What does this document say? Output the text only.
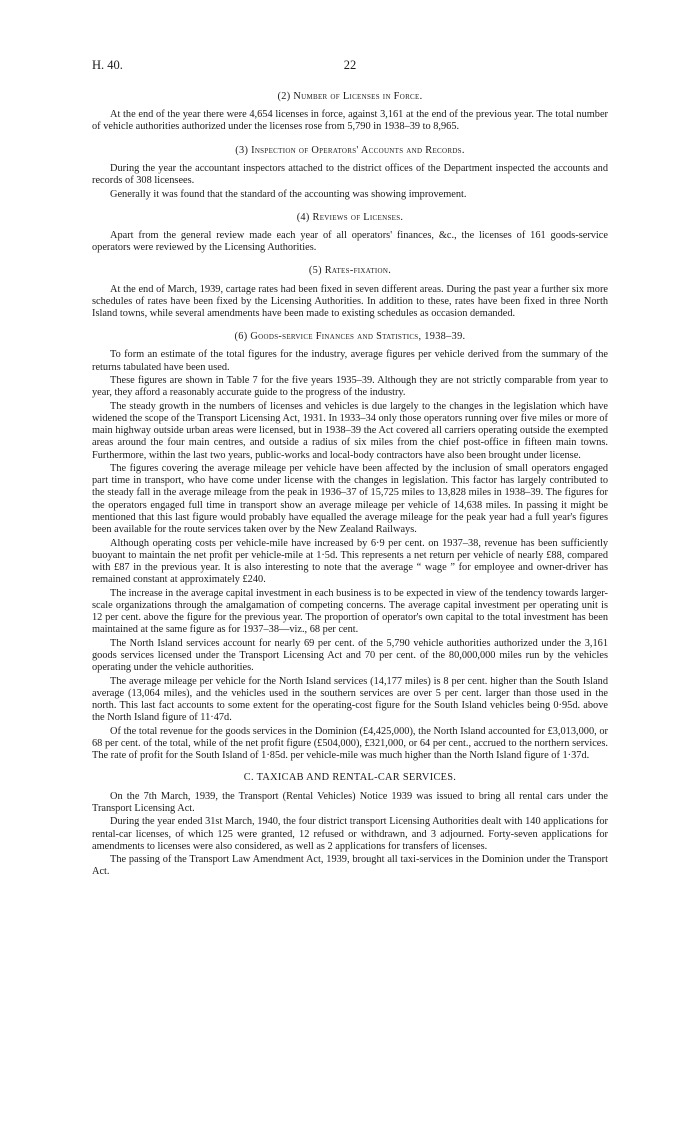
H. 40.	22
(2) Number of Licenses in Force.

At the end of the year there were 4,654 licenses in force, against 3,161 at the end of the previous year. The total number of vehicle authorities authorized under the licenses rose from 5,790 in 1938–39 to 8,965.

(3) Inspection of Operators' Accounts and Records.

During the year the accountant inspectors attached to the district offices of the Department inspected the accounts and records of 308 licensees.

Generally it was found that the standard of the accounting was showing improvement.

(4) Reviews of Licenses.

Apart from the general review made each year of all operators' finances, &c., the licenses of 161 goods-service operators were reviewed by the Licensing Authorities.

(5) Rates-fixation.

At the end of March, 1939, cartage rates had been fixed in seven different areas. During the past year a further six more schedules of rates have been fixed by the Licensing Authorities. In addition to these, rates have been fixed in three North Island towns, while several amendments have been made to existing schedules as occasion demanded.

(6) Goods-service Finances and Statistics, 1938–39.

To form an estimate of the total figures for the industry, average figures per vehicle derived from the summary of the returns tabulated have been used.

These figures are shown in Table 7 for the five years 1935–39. Although they are not strictly comparable from year to year, they afford a reasonably accurate guide to the progress of the industry.

The steady growth in the numbers of licenses and vehicles is due largely to the changes in the legislation which have widened the scope of the Transport Licensing Act, 1931. In 1933–34 only those operators running over five miles or more of main highway outside urban areas were licensed, but in 1938–39 the Act covered all carriers operating outside the exempted areas around the four main centres, and outside a radius of six miles from the chief post-office in fifteen main towns. Furthermore, within the last two years, public-works and local-body contractors have also been brought under license.

The figures covering the average mileage per vehicle have been affected by the inclusion of small operators engaged part time in transport, who have come under license with the changes in legislation. This factor has largely contributed to the steady fall in the average mileage from the peak in 1936–37 of 15,725 miles to 13,828 miles in 1938–39. The figures for the operators engaged full time in transport show an average mileage per vehicle of 14,638 miles. In passing it might be mentioned that this last figure would probably have equalled the average mileage for the peak year had a full year's figures been available for the route services taken over by the New Zealand Railways.

Although operating costs per vehicle-mile have increased by 6·9 per cent. on 1937–38, revenue has been sufficiently buoyant to maintain the net profit per vehicle-mile at 1·5d. This represents a net return per vehicle of nearly £88, compared with £87 in the previous year. It is also interesting to note that the average “ wage ” for employee and owner-driver has remained constant at approximately £240.

The increase in the average capital investment in each business is to be expected in view of the tendency towards larger-scale organizations through the amalgamation of competing concerns. The average capital investment per operating unit is 12 per cent. above the figure for the previous year. The proportion of operator's own capital to the total investment has been maintained at the same figure as for 1937–38—viz., 68 per cent.

The North Island services account for nearly 69 per cent. of the 5,790 vehicle authorities authorized under the 3,161 goods services licensed under the Transport Licensing Act and 70 per cent. of the 80,000,000 miles run by the vehicles operating under the vehicle authorities.

The average mileage per vehicle for the North Island services (14,177 miles) is 8 per cent. higher than the South Island average (13,064 miles), and the vehicles used in the southern services are over 5 per cent. larger than those used in the north. This last fact accounts to some extent for the operating-cost figure for the South Island vehicles being 0·95d. above the North Island figure of 11·47d.

Of the total revenue for the goods services in the Dominion (£4,425,000), the North Island accounted for £3,013,000, or 68 per cent. of the total, while of the net profit figure (£504,000), £321,000, or 64 per cent., accrued to the northern services. The rate of profit for the South Island of 1·85d. per vehicle-mile was much higher than the North Island figure of 1·37d.

C. TAXICAB AND RENTAL-CAR SERVICES.

On the 7th March, 1939, the Transport (Rental Vehicles) Notice 1939 was issued to bring all rental cars under the Transport Licensing Act.

During the year ended 31st March, 1940, the four district transport Licensing Authorities dealt with 140 applications for rental-car licenses, of which 125 were granted, 12 refused or withdrawn, and 3 adjourned. Forty-seven applications for amendments to licenses were also considered, as well as 2 applications for transfers of licenses.

The passing of the Transport Law Amendment Act, 1939, brought all taxi-services in the Dominion under the Transport Act.
